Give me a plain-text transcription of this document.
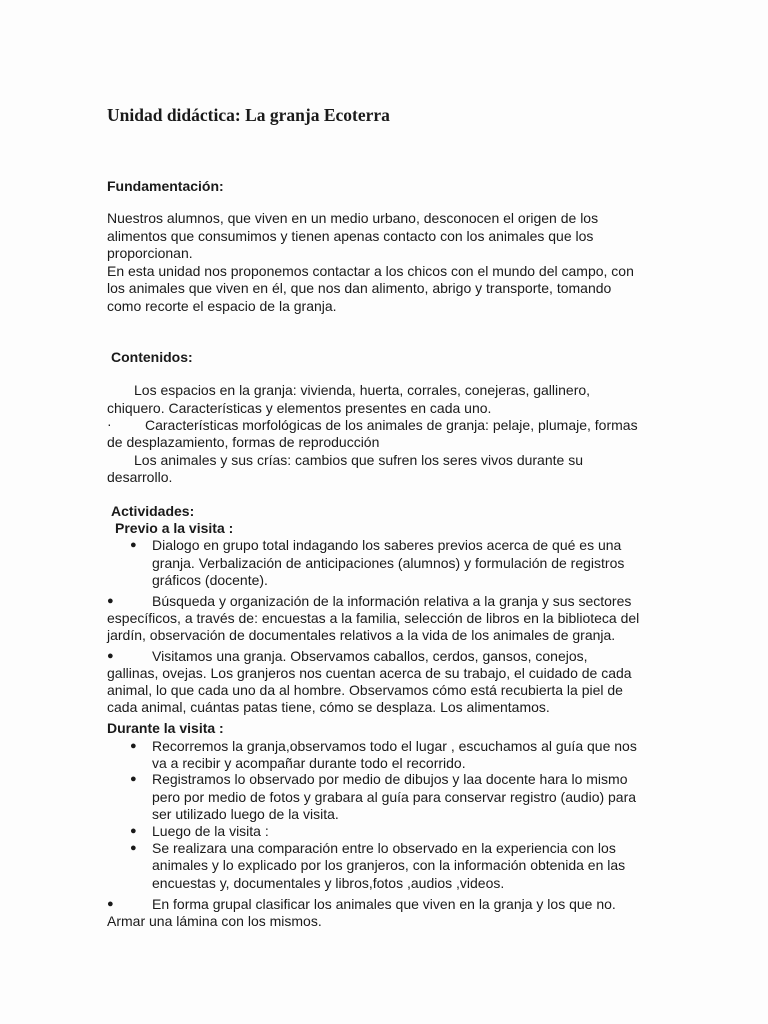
Unidad didáctica: La granja Ecoterra
Fundamentación:
Nuestros alumnos, que viven en un medio urbano, desconocen el origen de los
alimentos que consumimos y tienen apenas contacto con los animales que los
proporcionan.
En esta unidad nos proponemos contactar a los chicos con el mundo del campo, con
los animales que viven en él, que nos dan alimento, abrigo y transporte, tomando
como recorte el espacio de la granja.
Contenidos:
Los espacios en la granja: vivienda, huerta, corrales, conejeras, gallinero,
chiquero. Características y elementos presentes en cada uno.
· Características morfológicas de los animales de granja: pelaje, plumaje, formas
de desplazamiento, formas de reproducción
Los animales y sus crías: cambios que sufren los seres vivos durante su
desarrollo.
Actividades:
Previo a la visita :
● Dialogo en grupo total indagando los saberes previos acerca de qué es una
granja. Verbalización de anticipaciones (alumnos) y formulación de registros
gráficos (docente).
●	Búsqueda y organización de la información relativa a la granja y sus sectores
específicos, a través de: encuestas a la familia, selección de libros en la biblioteca del
jardín, observación de documentales relativos a la vida de los animales de granja.
●	Visitamos una granja. Observamos caballos, cerdos, gansos, conejos,
gallinas, ovejas. Los granjeros nos cuentan acerca de su trabajo, el cuidado de cada
animal, lo que cada uno da al hombre. Observamos cómo está recubierta la piel de
cada animal, cuántas patas tiene, cómo se desplaza. Los alimentamos.
Durante la visita :
● Recorremos la granja,observamos todo el lugar , escuchamos al guía que nos
va a recibir y acompañar durante todo el recorrido.
● Registramos lo observado por medio de dibujos y laa docente hara lo mismo
pero por medio de fotos y grabara al guía para conservar registro (audio) para
ser utilizado luego de la visita.
● Luego de la visita :
● Se realizara una comparación entre lo observado en la experiencia con los
animales y lo explicado por los granjeros, con la información obtenida en las
encuestas y, documentales y libros,fotos ,audios ,videos.
●	En forma grupal clasificar los animales que viven en la granja y los que no.
Armar una lámina con los mismos.
